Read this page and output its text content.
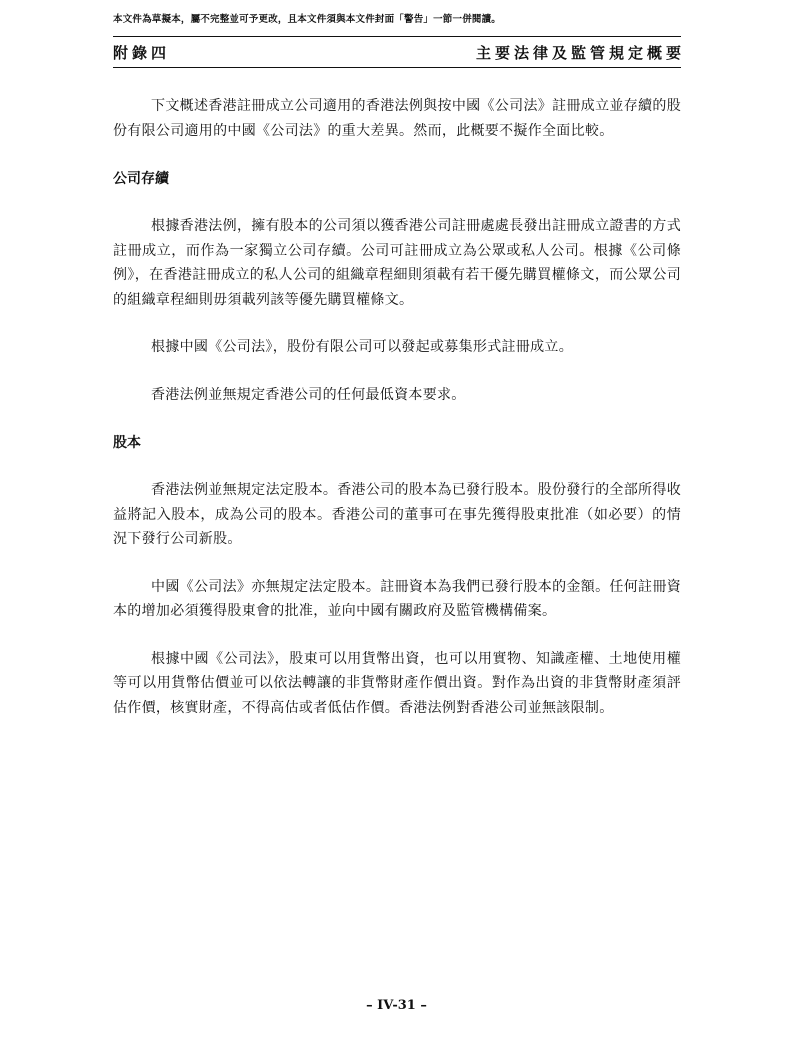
本文件為草擬本，屬不完整並可予更改，且本文件須與本文件封面「警告」一節一併閱讀。
附錄四	主要法律及監管規定概要

下文概述香港註冊成立公司適用的香港法例與按中國《公司法》註冊成立並存續的股份有限公司適用的中國《公司法》的重大差異。然而，此概要不擬作全面比較。

公司存續

根據香港法例，擁有股本的公司須以獲香港公司註冊處處長發出註冊成立證書的方式註冊成立，而作為一家獨立公司存續。公司可註冊成立為公眾或私人公司。根據《公司條例》，在香港註冊成立的私人公司的組織章程細則須載有若干優先購買權條文，而公眾公司的組織章程細則毋須載列該等優先購買權條文。

根據中國《公司法》，股份有限公司可以發起或募集形式註冊成立。

香港法例並無規定香港公司的任何最低資本要求。

股本

香港法例並無規定法定股本。香港公司的股本為已發行股本。股份發行的全部所得收益將記入股本，成為公司的股本。香港公司的董事可在事先獲得股東批准（如必要）的情況下發行公司新股。

中國《公司法》亦無規定法定股本。註冊資本為我們已發行股本的金額。任何註冊資本的增加必須獲得股東會的批准，並向中國有關政府及監管機構備案。

根據中國《公司法》，股東可以用貨幣出資，也可以用實物、知識產權、土地使用權等可以用貨幣估價並可以依法轉讓的非貨幣財產作價出資。對作為出資的非貨幣財產須評估作價，核實財產，不得高估或者低估作價。香港法例對香港公司並無該限制。

– IV-31 –
